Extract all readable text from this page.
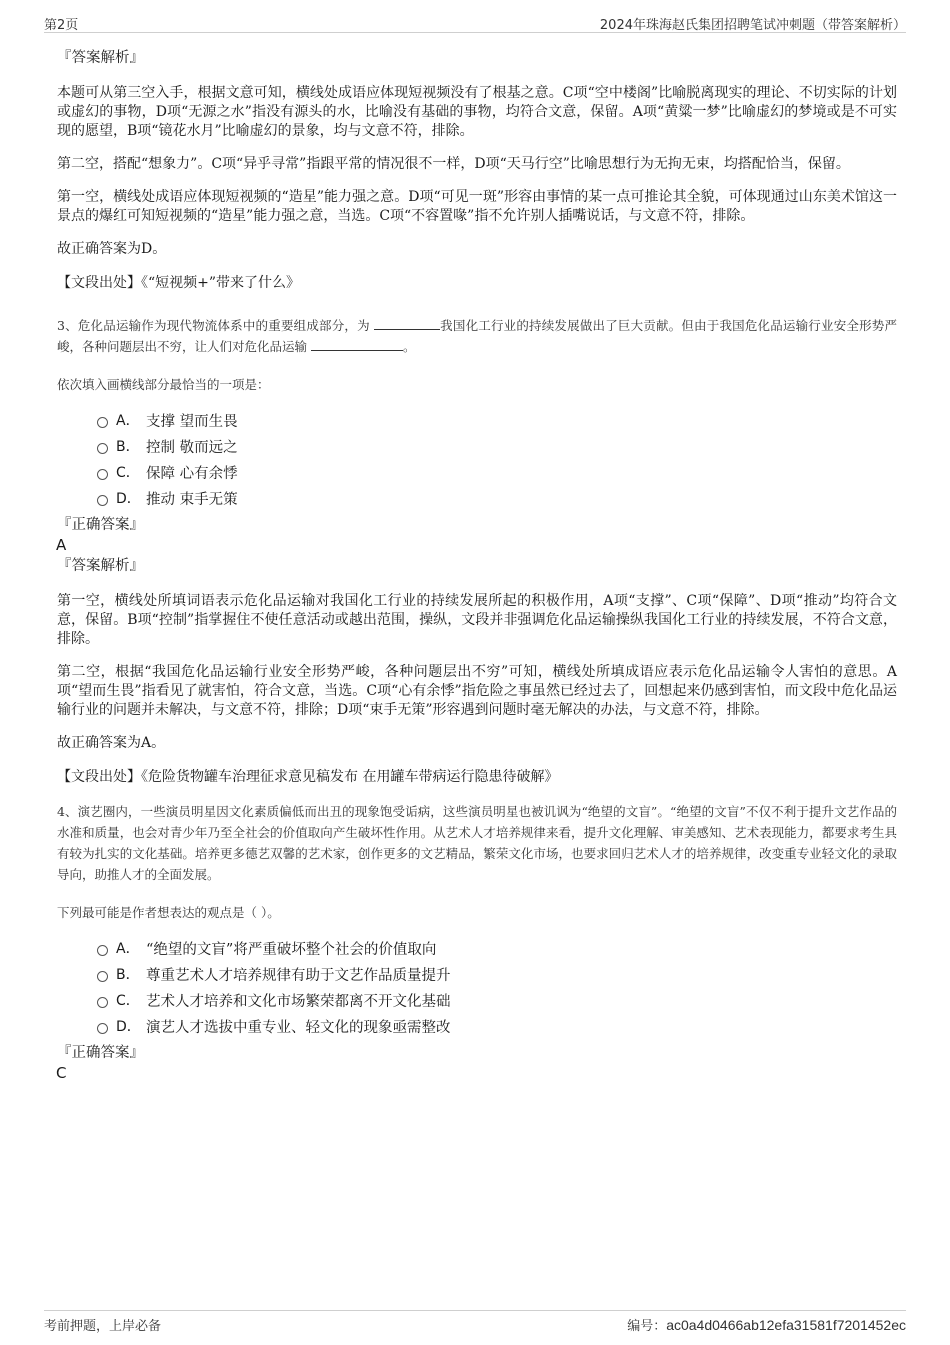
第2页	2024年珠海赵氏集团招聘笔试冲刺题（带答案解析）
『答案解析』
本题可从第三空入手，根据文意可知，横线处成语应体现短视频没有了根基之意。C项“空中楼阁”比喻脱离现实的理论、不切实际的计划或虚幻的事物，D项“无源之水”指没有源头的水，比喻没有基础的事物，均符合文意，保留。A项“黄粱一梦”比喻虚幻的梦境或是不可实现的愿望，B项“镜花水月”比喻虚幻的景象，均与文意不符，排除。
第二空，搭配“想象力”。C项“异乎寻常”指跟平常的情况很不一样，D项“天马行空”比喻思想行为无拘无束，均搭配恰当，保留。
第一空，横线处成语应体现短视频的“造星”能力强之意。D项“可见一斑”形容由事情的某一点可推论其全貌，可体现通过山东美术馆这一景点的爆红可知短视频的“造星”能力强之意，当选。C项“不容置喙”指不允许别人插嘴说话，与文意不符，排除。
故正确答案为D。
【文段出处】《“短视频+”带来了什么》
3、危化品运输作为现代物流体系中的重要组成部分，为	我国化工行业的持续发展做出了巨大贡献。但由于我国危化品运输行业安全形势严峻，各种问题层出不穷，让人们对危化品运输	。
依次填入画横线部分最恰当的一项是：
A． 支撑 望而生畏
B． 控制 敬而远之
C． 保障 心有余悸
D． 推动 束手无策
『正确答案』
A
『答案解析』
第一空，横线处所填词语表示危化品运输对我国化工行业的持续发展所起的积极作用，A项“支撑”、C项“保障”、D项“推动”均符合文意，保留。B项“控制”指掌握住不使任意活动或越出范围，操纵，文段并非强调危化品运输操纵我国化工行业的持续发展，不符合文意，排除。
第二空，根据“我国危化品运输行业安全形势严峻，各种问题层出不穷”可知，横线处所填成语应表示危化品运输令人害怕的意思。A项“望而生畏”指看见了就害怕，符合文意，当选。C项“心有余悸”指危险之事虽然已经过去了，回想起来仍感到害怕，而文段中危化品运输行业的问题并未解决，与文意不符，排除；D项“束手无策”形容遇到问题时毫无解决的办法，与文意不符，排除。
故正确答案为A。
【文段出处】《危险货物罐车治理征求意见稿发布 在用罐车带病运行隐患待破解》
4、演艺圈内，一些演员明星因文化素质偏低而出丑的现象饱受诟病，这些演员明星也被讥讽为“绝望的文盲”。“绝望的文盲”不仅不利于提升文艺作品的水准和质量，也会对青少年乃至全社会的价值取向产生破坏性作用。从艺术人才培养规律来看，提升文化理解、审美感知、艺术表现能力，都要求考生具有较为扎实的文化基础。培养更多德艺双馨的艺术家，创作更多的文艺精品，繁荣文化市场，也要求回归艺术人才的培养规律，改变重专业轻文化的录取导向，助推人才的全面发展。
下列最可能是作者想表达的观点是（ ）。
A． “绝望的文盲”将严重破坏整个社会的价值取向
B． 尊重艺术人才培养规律有助于文艺作品质量提升
C． 艺术人才培养和文化市场繁荣都离不开文化基础
D． 演艺人才选拔中重专业、轻文化的现象亟需整改
『正确答案』
C
考前押题，上岸必备	编号：ac0a4d0466ab12efa31581f7201452ec
